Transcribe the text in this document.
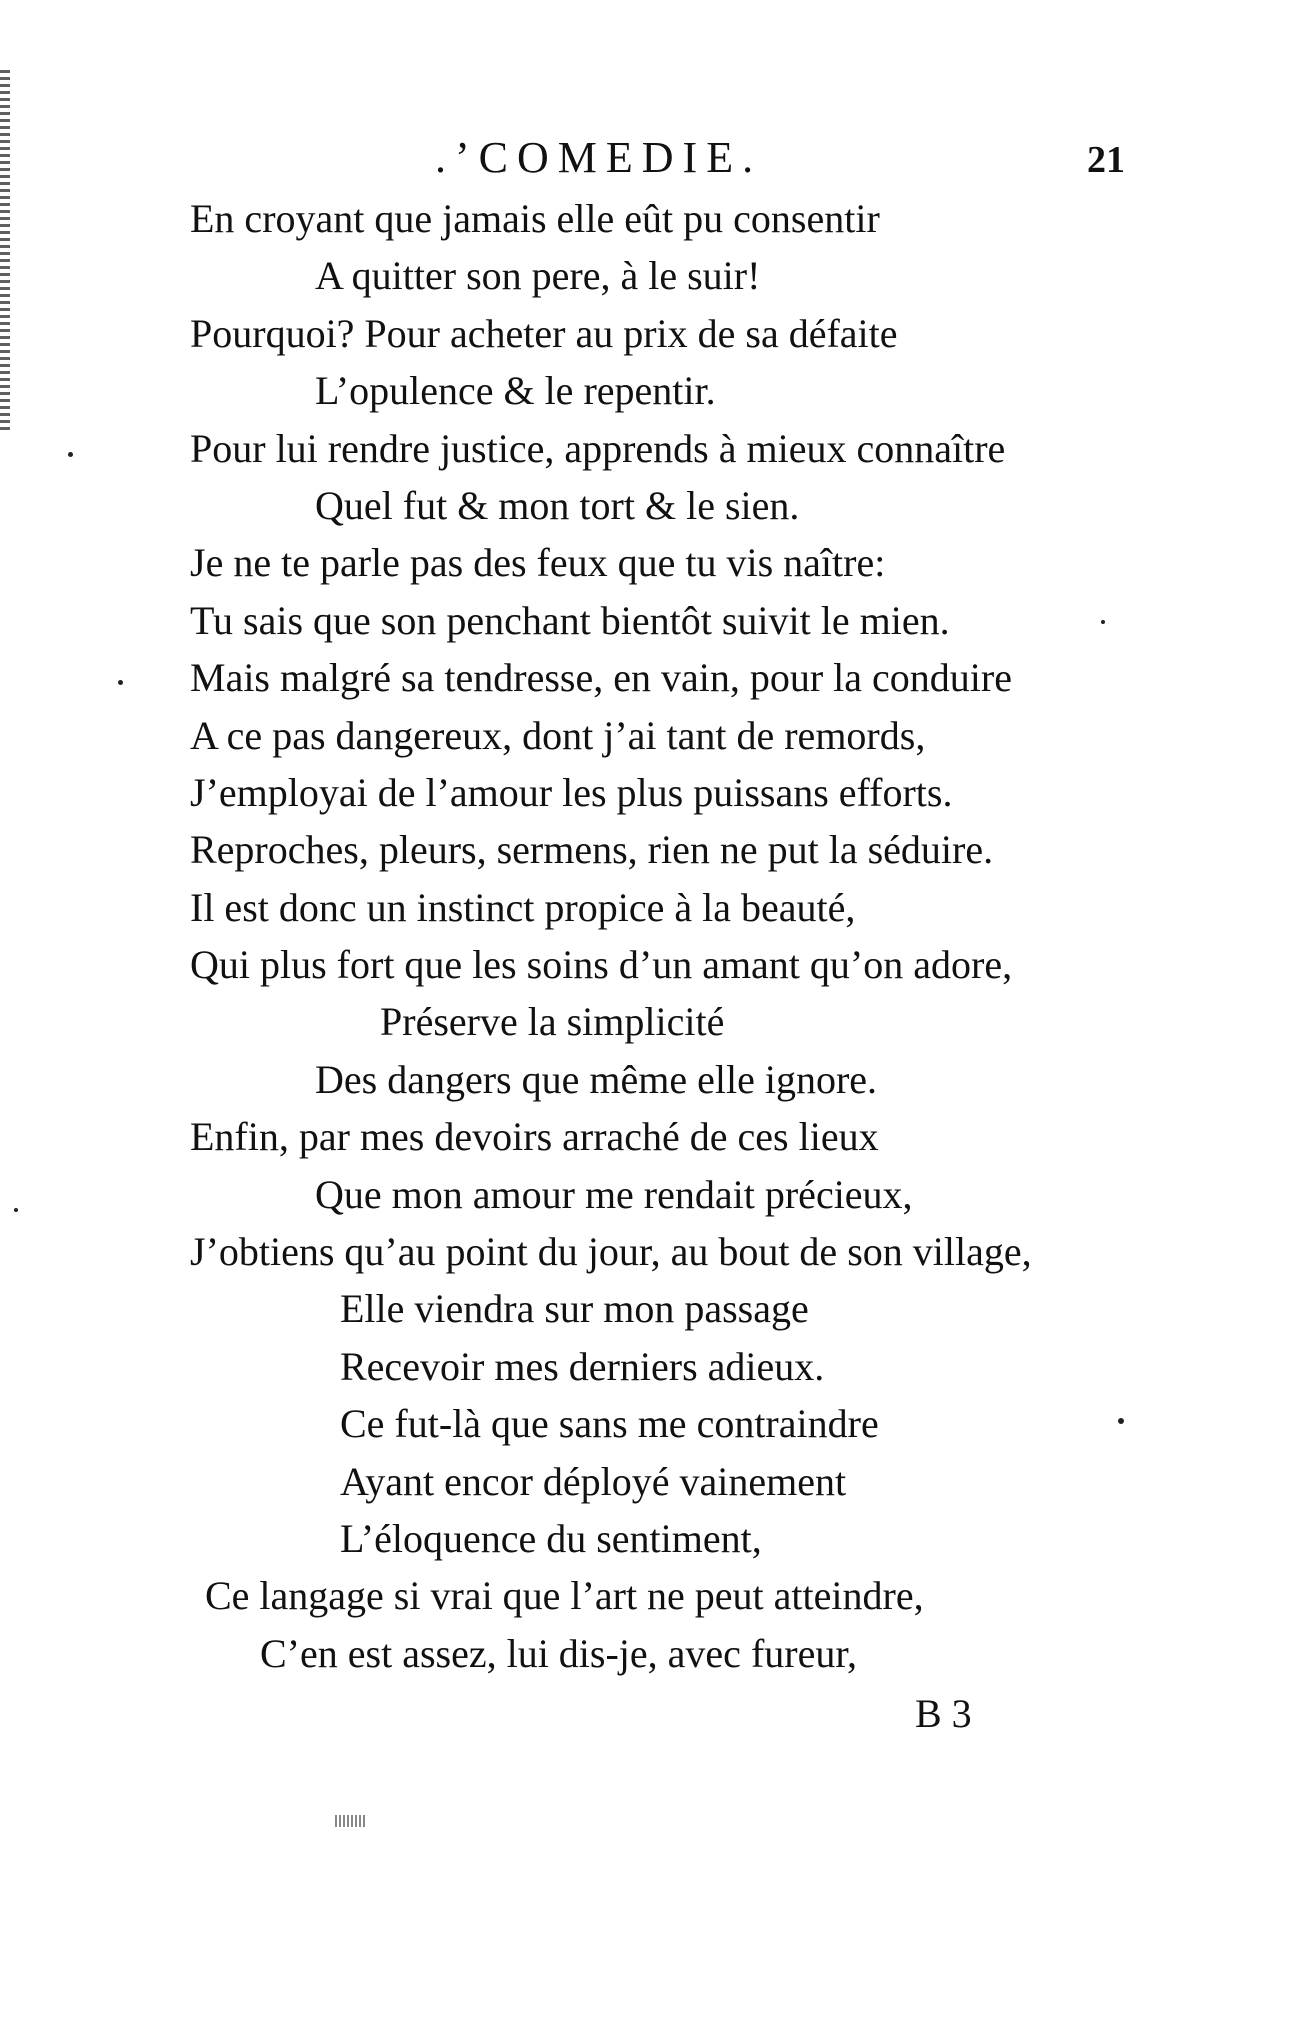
.’COMEDIE.	21
En croyant que jamais elle eût pu consentir
A quitter son pere, à le suir!
Pourquoi? Pour acheter au prix de sa défaite
L’opulence & le repentir.
Pour lui rendre justice, apprends à mieux connaître
Quel fut & mon tort & le sien.
Je ne te parle pas des feux que tu vis naître:
Tu sais que son penchant bientôt suivit le mien.
Mais malgré sa tendresse, en vain, pour la conduire
A ce pas dangereux, dont j’ai tant de remords,
J’employai de l’amour les plus puissans efforts.
Reproches, pleurs, sermens, rien ne put la séduire.
Il est donc un instinct propice à la beauté,
Qui plus fort que les soins d’un amant qu’on adore,
Préserve la simplicité
Des dangers que même elle ignore.
Enfin, par mes devoirs arraché de ces lieux
Que mon amour me rendait précieux,
J’obtiens qu’au point du jour, au bout de son village,
Elle viendra sur mon passage
Recevoir mes derniers adieux.
Ce fut-là que sans me contraindre
Ayant encor déployé vainement
L’éloquence du sentiment,
Ce langage si vrai que l’art ne peut atteindre,
C’en est assez, lui dis-je, avec fureur,
B 3
